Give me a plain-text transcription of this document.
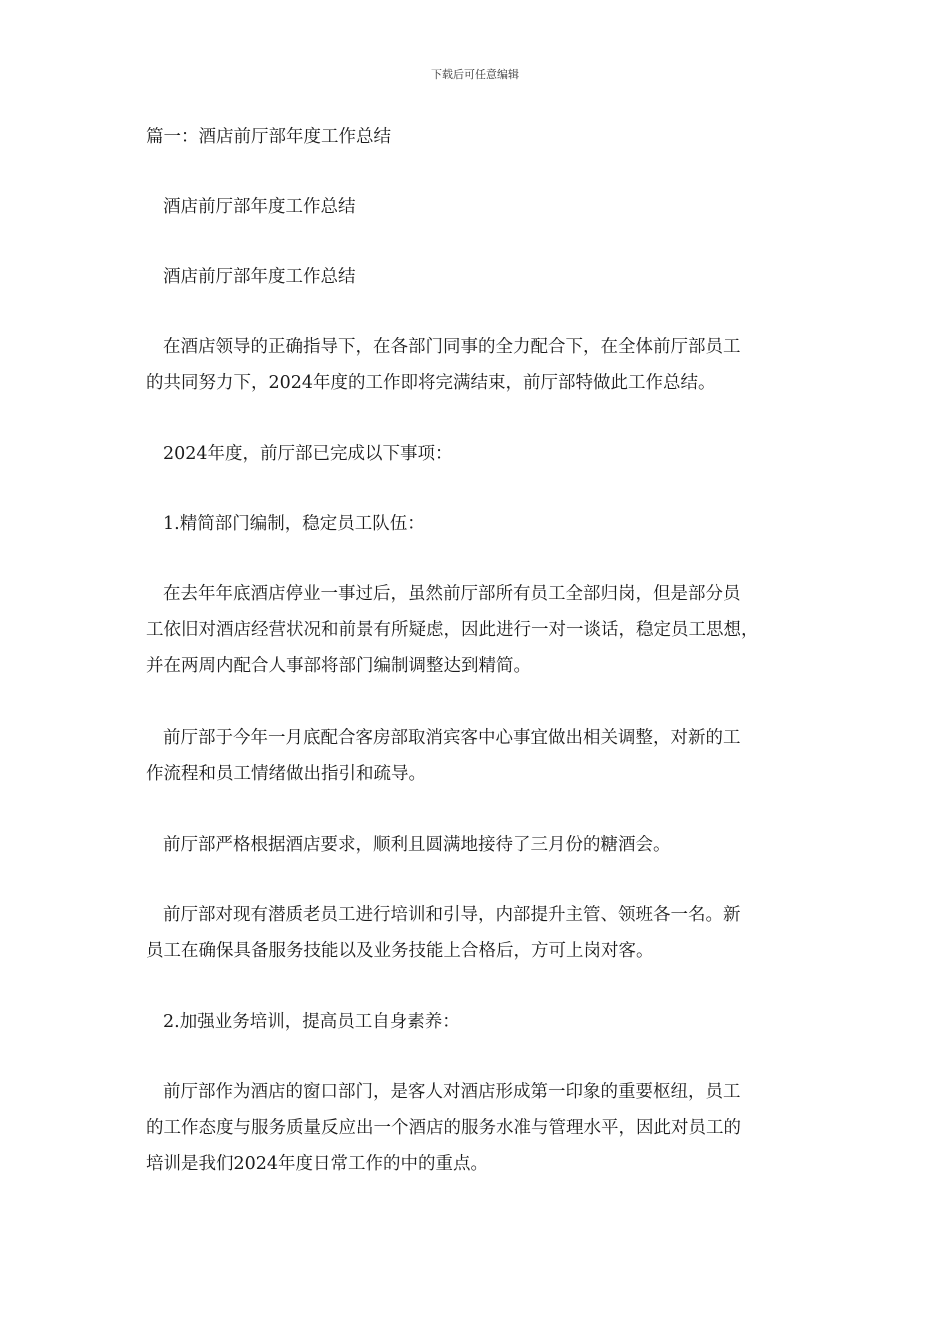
下载后可任意编辑
篇一：酒店前厅部年度工作总结
酒店前厅部年度工作总结
酒店前厅部年度工作总结
在酒店领导的正确指导下，在各部门同事的全力配合下，在全体前厅部员工
的共同努力下，2024年度的工作即将完满结束，前厅部特做此工作总结。
2024年度，前厅部已完成以下事项：
1.精简部门编制，稳定员工队伍：
在去年年底酒店停业一事过后，虽然前厅部所有员工全部归岗，但是部分员
工依旧对酒店经营状况和前景有所疑虑，因此进行一对一谈话，稳定员工思想，
并在两周内配合人事部将部门编制调整达到精简。
前厅部于今年一月底配合客房部取消宾客中心事宜做出相关调整，对新的工
作流程和员工情绪做出指引和疏导。
前厅部严格根据酒店要求，顺利且圆满地接待了三月份的糖酒会。
前厅部对现有潜质老员工进行培训和引导，内部提升主管、领班各一名。新
员工在确保具备服务技能以及业务技能上合格后，方可上岗对客。
2.加强业务培训，提高员工自身素养：
前厅部作为酒店的窗口部门，是客人对酒店形成第一印象的重要枢纽，员工
的工作态度与服务质量反应出一个酒店的服务水准与管理水平，因此对员工的
培训是我们2024年度日常工作的中的重点。
